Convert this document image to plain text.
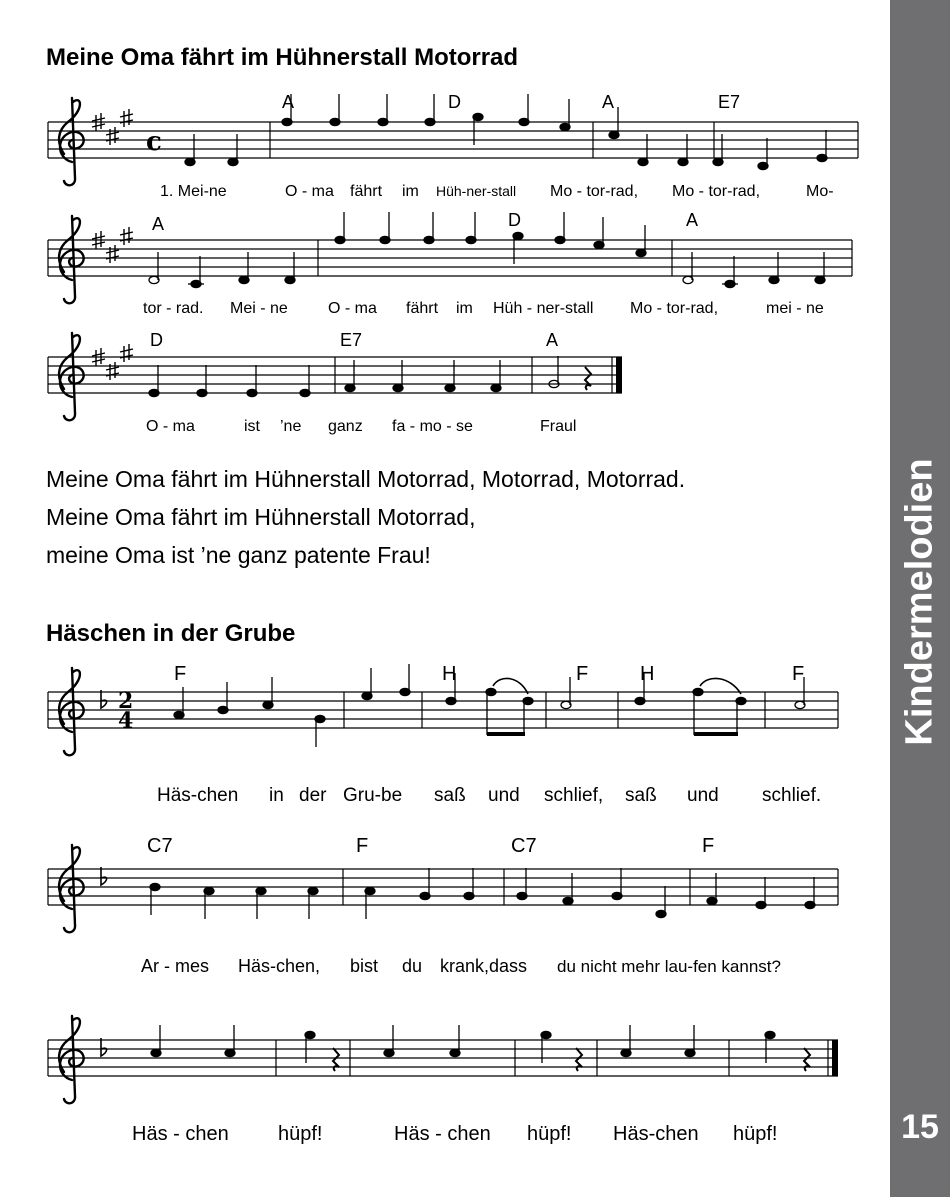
Meine Oma fährt im Hühnerstall Motorrad
c
A	D	A	E7
1. Mei-ne	O - ma fährt im Hüh-ner-stall Mo - tor-rad, Mo - tor-rad,	Mo-
A	D	A
tor - rad. Mei - ne	O - ma fährt im Hüh - ner-stall Mo - tor-rad,	mei - ne
D	E7	A
O - ma	ist ’ne ganz fa - mo - se	Fraul
2
4
F	H	F	H	F
Häs-chen in der Gru-be saß und schlief, saß und schlief.
C7	F	C7	F
Ar - mes Häs-chen, bist du krank,dass du nicht mehr lau-fen kannst?
Häs - chen hüpf!	Häs - chen hüpf! Häs-chen hüpf!
Meine Oma fährt im Hühnerstall Motorrad, Motorrad, Motorrad.
Meine Oma fährt im Hühnerstall Motorrad,
meine Oma ist ’ne ganz patente Frau!
Häschen in der Grube	Kindermelodien
15
